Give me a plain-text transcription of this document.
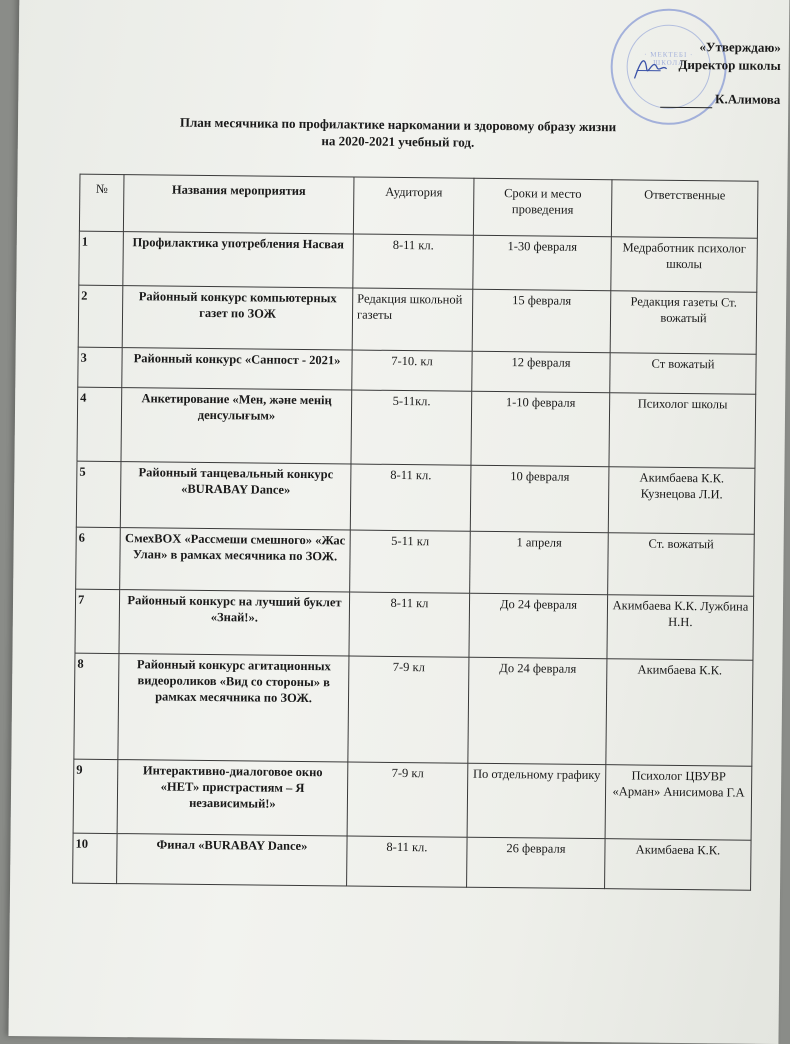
· МЕКТЕБІ ·
ШКОЛА
«Утверждаю»
Директор школы
К.Алимова
План месячника по профилактике наркомании и здоровому образу жизни
на 2020-2021 учебный год.
№	Названия мероприятия	Аудитория	Сроки и место проведения	Ответственные
1	Профилактика употребления Насвая	8-11 кл.	1-30 февраля	Медработник психолог школы
2	Районный конкурс компьютерных газет по ЗОЖ	Редакция школьной газеты	15 февраля	Редакция газеты Ст. вожатый
3	Районный конкурс «Санпост - 2021»	7-10. кл	12 февраля	Ст вожатый
4	Анкетирование «Мен, және менің денсулығым»	5-11кл.	1-10 февраля	Психолог школы
5	Районный танцевальный конкурс «BURABAY Dance»	8-11 кл.	10 февраля	Акимбаева К.К. Кузнецова Л.И.
6	СмехBOX «Рассмеши смешного» «Жас Улан» в рамках месячника по ЗОЖ.	5-11 кл	1 апреля	Ст. вожатый
7	Районный конкурс на лучший буклет «Знай!».	8-11 кл	До 24 февраля	Акимбаева К.К. Лужбина Н.Н.
8	Районный конкурс агитационных видеороликов «Вид со стороны» в рамках месячника по ЗОЖ.	7-9 кл	До 24 февраля	Акимбаева К.К.
9	Интерактивно-диалоговое окно «НЕТ» пристрастиям – Я независимый!»	7-9 кл	По отдельному графику	Психолог ЦВУВР «Арман» Анисимова Г.А
10	Финал «BURABAY Dance»	8-11 кл.	26 февраля	Акимбаева К.К.
